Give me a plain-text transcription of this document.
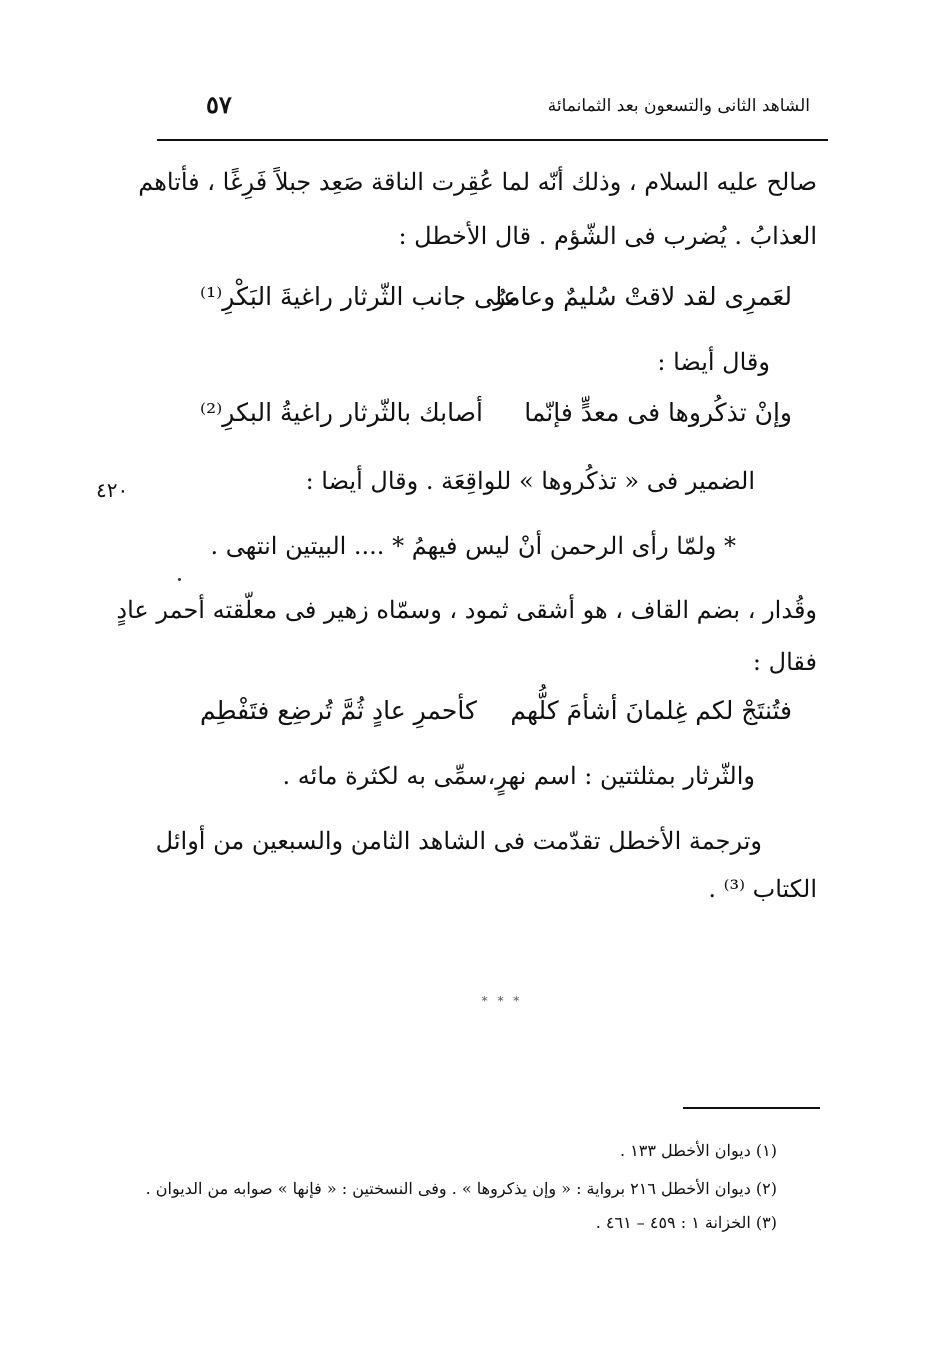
الشاهد الثانى والتسعون بعد الثمانمائة
٥٧
صالح عليه السلام ، وذلك أنّه لما عُقِرت الناقة صَعِد جبلاً فَرِغًا ، فأتاهم
العذابُ . يُضرب فى الشّؤم . قال الأخطل :
لعَمرِى لقد لاقتْ سُليمٌ وعامرٌ
على جانب الثّرثار راغيةَ البَكْرِ⁽¹⁾
وقال أيضا :
وإنْ تذكُروها فى معدٍّ فإنّما
أصابك بالثّرثار راغيةُ البكرِ⁽²⁾
٤٢٠	الضمير فى « تذكُروها » للواقِعَة . وقال أيضا :
* ولمّا رأى الرحمن أنْ ليس فيهمُ * .... البيتين انتهى .
وقُدار ، بضم القاف ، هو أشقى ثمود ، وسمّاه زهير فى معلّقته أحمر عادٍ
فقال :
فتُنتَجْ لكم غِلمانَ أشأمَ كلُّهم
كأحمرِ عادٍ ثُمَّ تُرضِع فتَفْطِم
والثّرثار بمثلثتين : اسم نهرٍ،سمِّى به لكثرة مائه .
وترجمة الأخطل تقدّمت فى الشاهد الثامن والسبعين من أوائل
الكتاب ⁽³⁾ .
* * *
(١) ديوان الأخطل ١٣٣ .
(٢) ديوان الأخطل ٢١٦ برواية : « وإن يذكروها » . وفى النسختين : « فإنها » صوابه من الديوان .
(٣) الخزانة ١ : ٤٥٩ – ٤٦١ .
